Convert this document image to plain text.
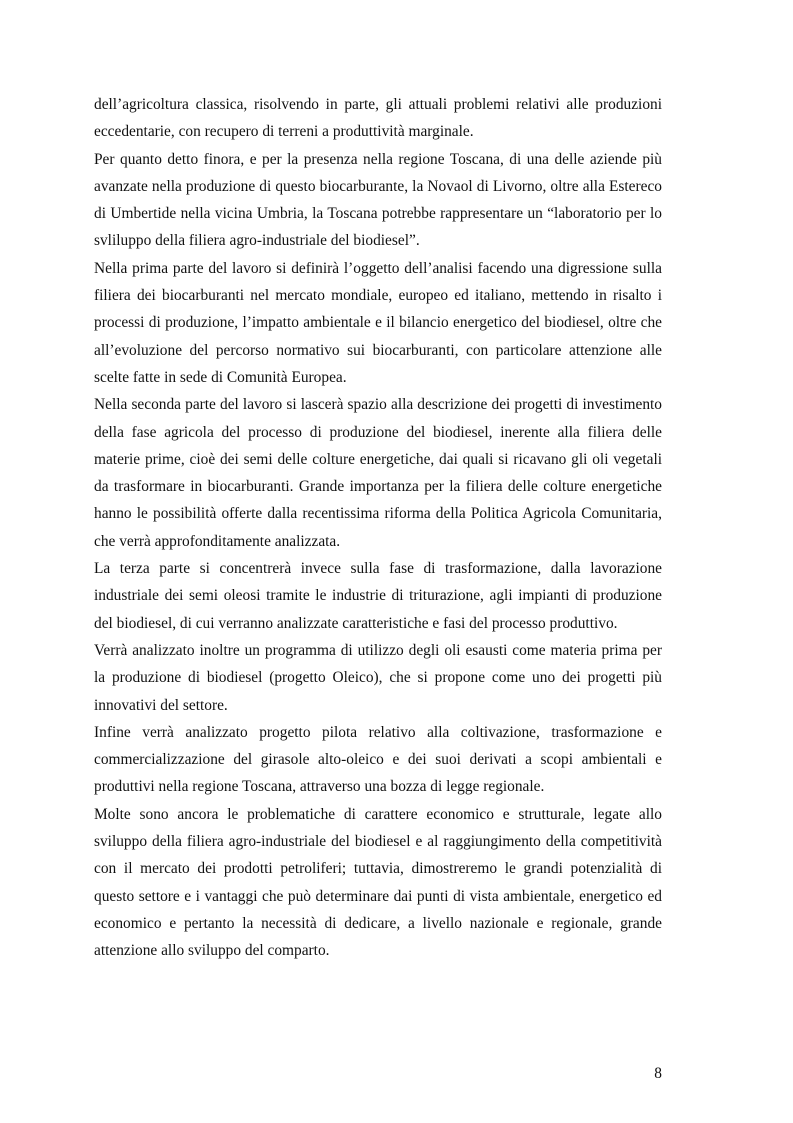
dell’agricoltura classica, risolvendo in parte, gli attuali problemi relativi alle produzioni eccedentarie, con recupero di terreni a produttività marginale.

Per quanto detto finora, e per la presenza nella regione Toscana, di una delle aziende più avanzate nella produzione di questo biocarburante, la Novaol di Livorno, oltre alla Estereco di Umbertide nella vicina Umbria, la Toscana potrebbe rappresentare un “laboratorio per lo svliluppo della filiera agro-industriale del biodiesel”.

Nella prima parte del lavoro si definirà l’oggetto dell’analisi facendo una digressione sulla filiera dei biocarburanti nel mercato mondiale, europeo ed italiano, mettendo in risalto i processi di produzione, l’impatto ambientale e il bilancio energetico del biodiesel, oltre che all’evoluzione del percorso normativo sui biocarburanti, con particolare attenzione alle scelte fatte in sede di Comunità Europea.

Nella seconda parte del lavoro si lascerà spazio alla descrizione dei progetti di investimento della fase agricola del processo di produzione del biodiesel, inerente alla filiera delle materie prime, cioè dei semi delle colture energetiche, dai quali si ricavano gli oli vegetali da trasformare in biocarburanti. Grande importanza per la filiera delle colture energetiche hanno le possibilità offerte dalla recentissima riforma della Politica Agricola Comunitaria, che verrà approfonditamente analizzata.

La terza parte si concentrerà invece sulla fase di trasformazione, dalla lavorazione industriale dei semi oleosi tramite le industrie di triturazione, agli impianti di produzione del biodiesel, di cui verranno analizzate caratteristiche e fasi del processo produttivo.

Verrà analizzato inoltre un programma di utilizzo degli oli esausti come materia prima per la produzione di biodiesel (progetto Oleico), che si propone come uno dei progetti più innovativi del settore.

Infine verrà analizzato progetto pilota relativo alla coltivazione, trasformazione e commercializzazione del girasole alto-oleico e dei suoi derivati a scopi ambientali e produttivi nella regione Toscana, attraverso una bozza di legge regionale.

Molte sono ancora le problematiche di carattere economico e strutturale, legate allo sviluppo della filiera agro-industriale del biodiesel e al raggiungimento della competitività con il mercato dei prodotti petroliferi; tuttavia, dimostreremo le grandi potenzialità di questo settore e i vantaggi che può determinare dai punti di vista ambientale, energetico ed economico e pertanto la necessità di dedicare, a livello nazionale e regionale, grande attenzione allo sviluppo del comparto.

8
